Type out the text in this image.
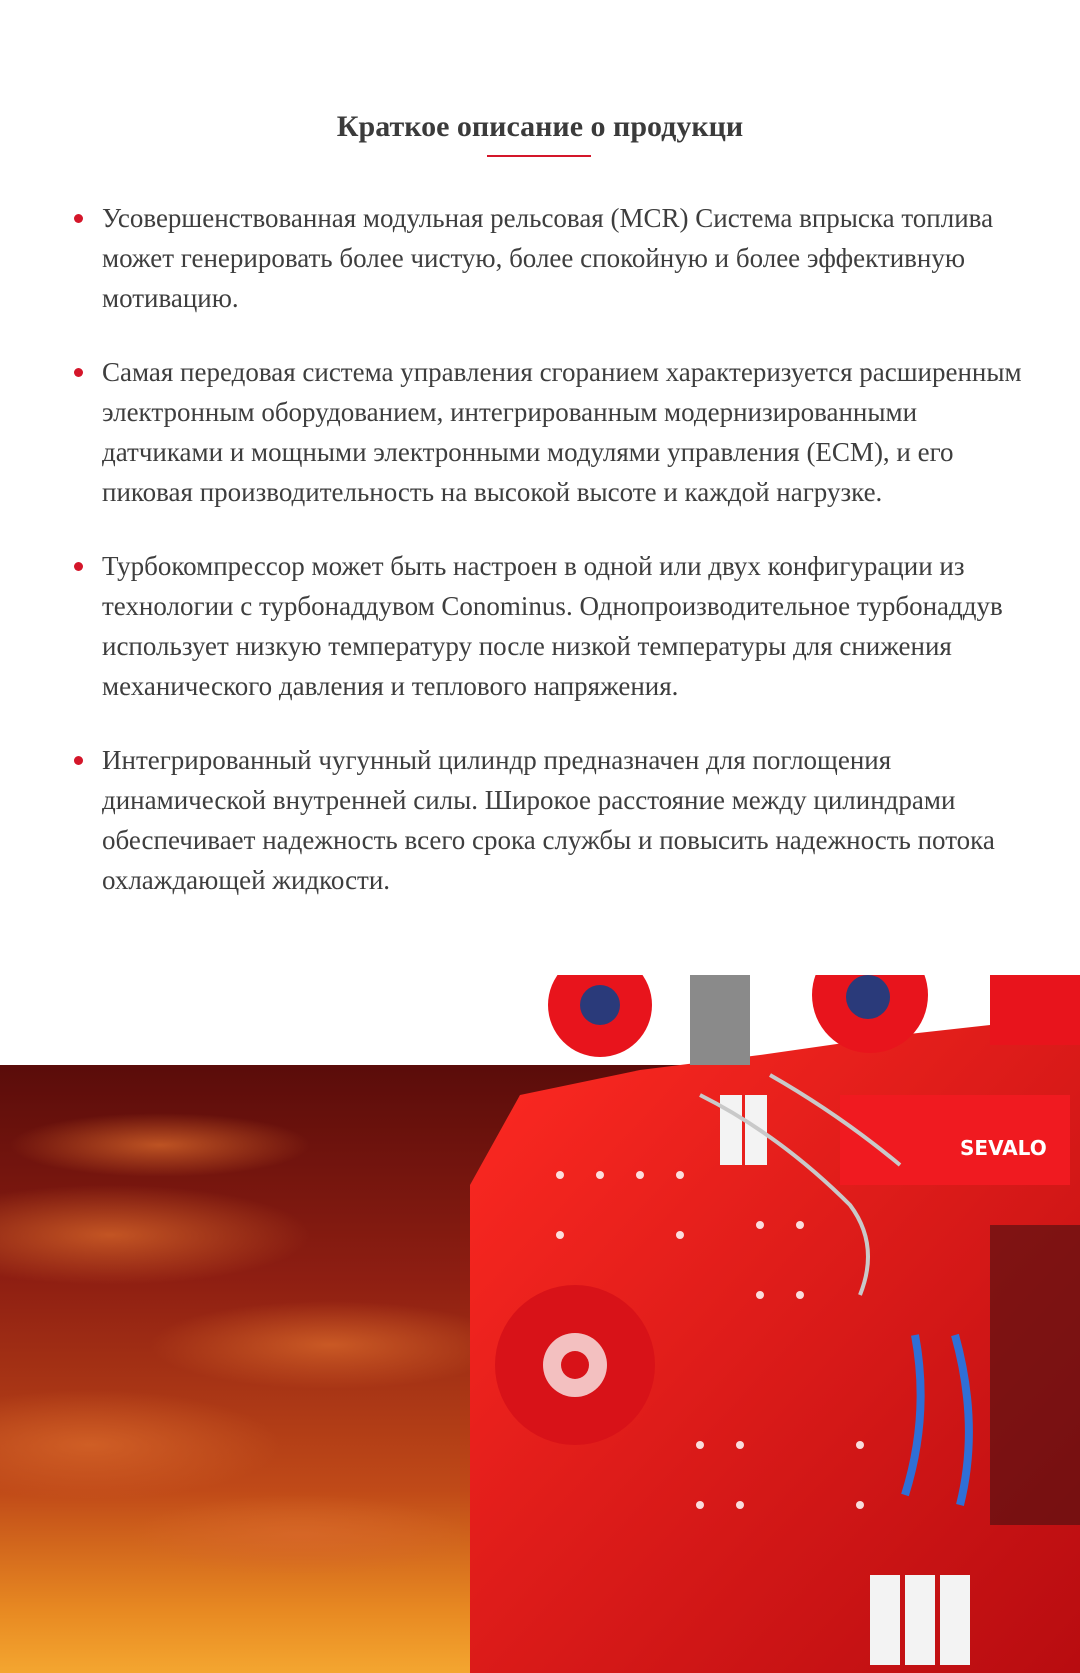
Краткое описание о продукци
Усовершенствованная модульная рельсовая (MCR) Система впрыска топлива может генерировать более чистую, более спокойную и более эффективную мотивацию.
Самая передовая система управления сгоранием характеризуется расширенным электронным оборудованием, интегрированным модернизированными датчиками и мощными электронными модулями управления (ECM), и его пиковая производительность на высокой высоте и каждой нагрузке.
Турбокомпрессор может быть настроен в одной или двух конфигурации из технологии с турбонаддувом Conominus. Однопроизводительное турбонаддув использует низкую температуру после низкой температуры для снижения механического давления и теплового напряжения.
Интегрированный чугунный цилиндр предназначен для поглощения динамической внутренней силы. Широкое расстояние между цилиндрами обеспечивает надежность всего срока службы и повысить надежность потока охлаждающей жидкости.
SEVALO
